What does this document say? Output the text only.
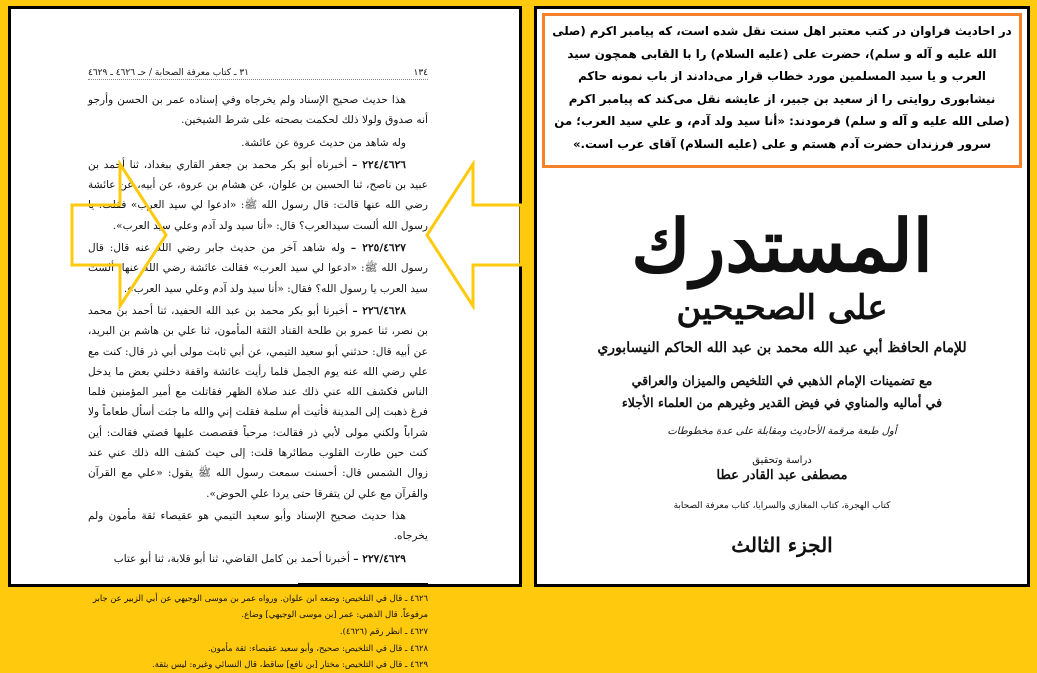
١٣٤
٣١ ـ كتاب معرفة الصحابة / حـ ٤٦٢٦ ـ ٤٦٢٩

هذا حديث صحيح الإسناد ولم يخرجاه وفي إسناده عمر بن الحسن وأرجو أنه صدوق ولولا ذلك لحكمت بصحته على شرط الشيخين.

وله شاهد من حديث عروة عن عائشة.

٢٢٤/٤٦٢٦ – أخبرناه أبو بكر محمد بن جعفر القاري ببغداد، ثنا أحمد بن عبيد بن ناصح، ثنا الحسين بن علوان، عن هشام بن عروة، عن أبيه، عن عائشة رضي الله عنها قالت: قال رسول الله ﷺ: «ادعوا لي سيد العرب» فقلت: يا رسول الله ألست سيدالعرب؟ قال: «أنا سيد ولد آدم وعلي سيد العرب».

٢٢٥/٤٦٢٧ – وله شاهد آخر من حديث جابر رضي الله عنه قال: قال رسول الله ﷺ: «ادعوا لي سيد العرب» فقالت عائشة رضي الله عنها: ألست سيد العرب يا رسول الله؟ فقال: «أنا سيد ولد آدم وعلي سيد العرب».

٢٢٦/٤٦٢٨ – أخبرنا أبو بكر محمد بن عبد الله الحفيد، ثنا أحمد بن محمد بن نصر، ثنا عمرو بن طلحة القناد الثقة المأمون، ثنا علي بن هاشم بن البريد، عن أبيه قال: حدثني أبو سعيد التيمي، عن أبي ثابت مولى أبي ذر قال: كنت مع علي رضي الله عنه يوم الجمل فلما رأيت عائشة واقفة دخلني بعض ما يدخل الناس فكشف الله عني ذلك عند صلاة الظهر فقاتلت مع أمير المؤمنين فلما فرغ ذهبت إلى المدينة فأتيت أم سلمة فقلت إني والله ما جئت أسأل طعاماً ولا شراباً ولكني مولى لأبي ذر فقالت: مرحباً فقصصت عليها قصتي فقالت: أين كنت حين طارت القلوب مطائرها قلت: إلى حيث كشف الله ذلك عني عند زوال الشمس قال: أحسنت سمعت رسول الله ﷺ يقول: «علي مع القرآن والقرآن مع علي لن يتفرقا حتى يردا علي الحوض».

هذا حديث صحيح الإسناد وأبو سعيد التيمي هو عقيصاء ثقة مأمون ولم يخرجاه.

٢٢٧/٤٦٢٩ – أخبرنا أحمد بن كامل القاضي، ثنا أبو قلابة، ثنا أبو عتاب

٤٦٢٦ ـ قال في التلخيص: وضعه ابن علوان. ورواه عمر بن موسى الوجيهي عن أبي الزبير عن جابر مرفوعاً. قال الذهبي: عمر [بن موسى الوجيهي] وضاع.
٤٦٢٧ ـ انظر رقم (٤٦٢٦).
٤٦٢٨ ـ قال في التلخيص: صحيح، وأبو سعيد عقيصاء: ثقة مأمون.
٤٦٢٩ ـ قال في التلخيص: مختار [بن نافع] ساقط، قال النسائي وغيره: ليس بثقة.
در احادیث فراوان در کتب معتبر اهل سنت نقل شده است، که پیامبر اکرم (صلی الله علیه و آله و سلم)، حضرت علی (علیه السلام) را با القابی همچون سید العرب و یا سید المسلمین مورد خطاب قرار می‌دادند از باب نمونه حاکم نیشابوری روایتی را از سعید بن جبیر، از عایشه نقل می‌کند که پیامبر اکرم (صلی الله علیه و آله و سلم) فرمودند: «أنا سید ولد آدم، و علي سید العرب؛ من سرور فرزندان حضرت آدم هستم و علی (علیه السلام) آقای عرب است.»
المستدرك
على الصحيحين
للإمام الحافظ أبي عبد الله محمد بن عبد الله الحاكم النيسابوري
مع تضمينات الإمام الذهبي في التلخيص والميزان والعراقي
في أماليه والمناوي في فيض القدير وغيرهم من العلماء الأجلاء
أول طبعة مرقمة الأحاديث ومقابلة على عدة مخطوطات
دراسة وتحقيق
مصطفى عبد القادر عطا
كتاب الهجرة، كتاب المغازي والسرايا، كتاب معرفة الصحابة
الجزء الثالث
